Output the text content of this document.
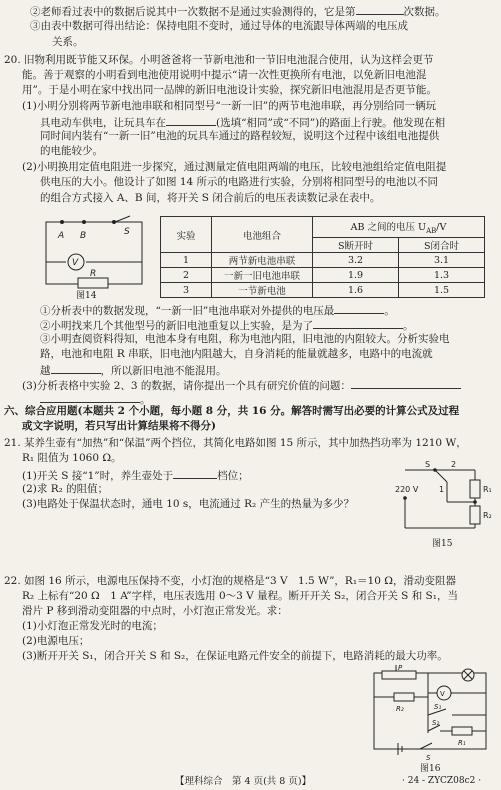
②老师看过表中的数据后说其中一次数据不是通过实验测得的，它是第	次数据。
③由表中数据可得出结论：保持电阻不变时，通过导体的电流跟导体两端的电压成
关系。
20. 旧物利用既节能又环保。小明爸爸将一节新电池和一节旧电池混合使用，认为这样会更节
能。善于观察的小明看到电池使用说明中提示“请一次性更换所有电池，以免新旧电池混
用”。于是小明在家中找出同一品牌的新旧电池设计实验，探究新旧电池混用是否更节能。
(1)小明分别将两节新电池串联和相同型号“一新一旧”的两节电池串联，再分别给同一辆玩
具电动车供电，让玩具车在	(选填“相同”或“不同”)的路面上行驶。他发现在相
同时间内装有“一新一旧”电池的玩具车通过的路程较短，说明这个过程中该组电池提供
的电能较少。
(2)小明换用定值电阻进一步探究，通过测量定值电阻两端的电压，比较电池组给定值电阻提
供电压的大小。他设计了如图 14 所示的电路进行实验，分别将相同型号的电池以不同
的组合方式接入 A、B 间，将开关 S 闭合前后的电压表读数记录在表中。
A B	S
V
R
图14
实验	电池组合	AB 之间的电压 $U_{AB}/V$	
		S断开时	S闭合时
1	两节新电池串联	3.2	3.1
2	一新一旧电池串联	1.9	1.3
3	一节新电池	1.6	1.5
①分析表中的数据发现，“一新一旧”电池串联对外提供的电压最	。
②小明找来几个其他型号的新旧电池重复以上实验，是为了	。
③小明查阅资料得知，电池本身有电阻，称为电池内阻，旧电池的内阻较大。分析实验电
路，电池和电阻 R 串联，旧电池内阻越大，自身消耗的能量就越多，电路中的电流就
越	，所以新旧电池不能混用。
(3)分析表格中实验 2、3 的数据，请你提出一个具有研究价值的问题：
。
六、综合应用题(本题共 2 个小题，每小题 8 分，共 16 分。解答时需写出必要的计算公式及过程
或文字说明，若只写出计算结果将不得分)
21. 某养生壶有“加热”和“保温”两个挡位，其简化电路如图 15 所示，其中加热挡功率为 1210 W，
R₁ 阻值为 1060 Ω。
(1)开关 S 接“1”时，养生壶处于	档位；
(2)求 R₂ 的阻值；
(3)电路处于保温状态时，通电 10 s，电流通过 R₂ 产生的热量为多少？
220 V
S	2
1	R₁
R₂
图15
22. 如图 16 所示，电源电压保持不变，小灯泡的规格是“3 V　1.5 W”，R₁＝10 Ω，滑动变阻器
R₂ 上标有“20 Ω　1 A”字样，电压表选用 0～3 V 量程。断开开关 S₂，闭合开关 S 和 S₁，当
滑片 P 移到滑动变阻器的中点时，小灯泡正常发光。求：
(1)小灯泡正常发光时的电流；
(2)电源电压；
(3)断开开关 S₁，闭合开关 S 和 S₂，在保证电路元件安全的前提下，电路消耗的最大功率。
P
V
R₂	S₁
S₂
R₁
S
图16
【理科综合　第 4 页(共 8 页)】	· 24 - ZYCZ08c2 ·
